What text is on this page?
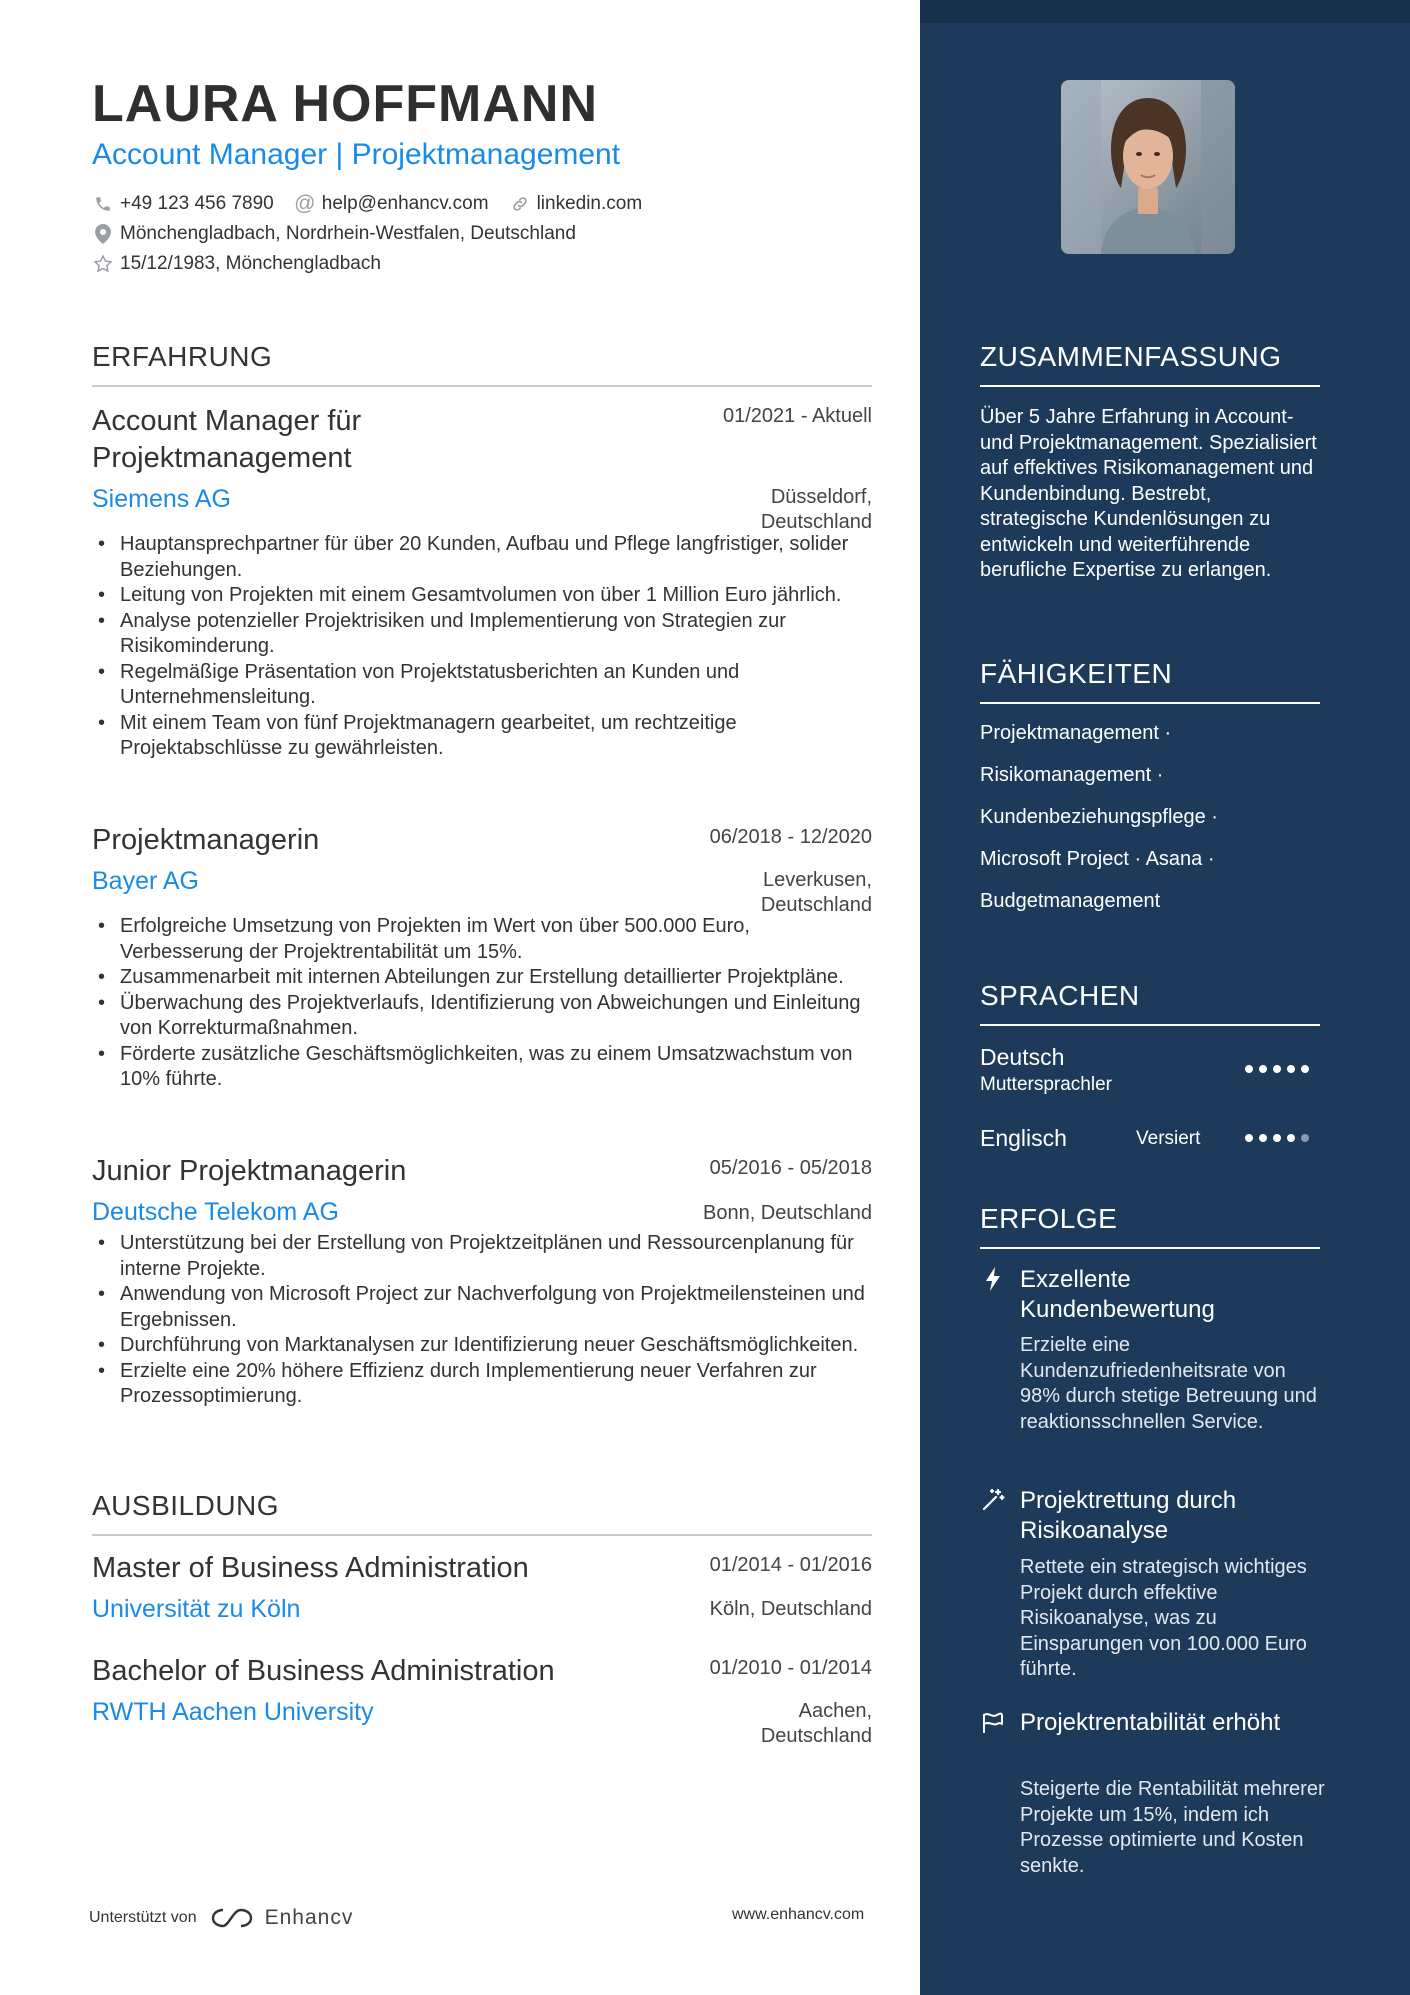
LAURA HOFFMANN
Account Manager | Projektmanagement
+49 123 456 7890 @ help@enhancv.com	linkedin.com
Mönchengladbach, Nordrhein-Westfalen, Deutschland
15/12/1983, Mönchengladbach
ERFAHRUNG
Account Manager für Projektmanagement
01/2021 - Aktuell
Siemens AG	Düsseldorf, Deutschland
• Hauptansprechpartner für über 20 Kunden, Aufbau und Pflege langfristiger, solider Beziehungen.
• Leitung von Projekten mit einem Gesamtvolumen von über 1 Million Euro jährlich.
• Analyse potenzieller Projektrisiken und Implementierung von Strategien zur Risikominderung.
• Regelmäßige Präsentation von Projektstatusberichten an Kunden und Unternehmensleitung.
• Mit einem Team von fünf Projektmanagern gearbeitet, um rechtzeitige Projektabschlüsse zu gewährleisten.
Projektmanagerin	06/2018 - 12/2020
Bayer AG	Leverkusen, Deutschland
• Erfolgreiche Umsetzung von Projekten im Wert von über 500.000 Euro, Verbesserung der Projektrentabilität um 15%.
• Zusammenarbeit mit internen Abteilungen zur Erstellung detaillierter Projektpläne.
• Überwachung des Projektverlaufs, Identifizierung von Abweichungen und Einleitung von Korrekturmaßnahmen.
• Förderte zusätzliche Geschäftsmöglichkeiten, was zu einem Umsatzwachstum von 10% führte.
Junior Projektmanagerin	05/2016 - 05/2018
Deutsche Telekom AG	Bonn, Deutschland
• Unterstützung bei der Erstellung von Projektzeitplänen und Ressourcenplanung für interne Projekte.
• Anwendung von Microsoft Project zur Nachverfolgung von Projektmeilensteinen und Ergebnissen.
• Durchführung von Marktanalysen zur Identifizierung neuer Geschäftsmöglichkeiten.
• Erzielte eine 20% höhere Effizienz durch Implementierung neuer Verfahren zur Prozessoptimierung.
AUSBILDUNG
Master of Business Administration	01/2014 - 01/2016
Universität zu Köln	Köln, Deutschland
Bachelor of Business Administration	01/2010 - 01/2014
RWTH Aachen University	Aachen, Deutschland
Unterstützt von	Enhancv	www.enhancv.com
ZUSAMMENFASSUNG
Über 5 Jahre Erfahrung in Account- und Projektmanagement. Spezialisiert auf effektives Risikomanagement und Kundenbindung. Bestrebt, strategische Kundenlösungen zu entwickeln und weiterführende berufliche Expertise zu erlangen.
FÄHIGKEITEN
Projektmanagement ·
Risikomanagement ·
Kundenbeziehungspflege ·
Microsoft Project · Asana ·
Budgetmanagement
SPRACHEN
Deutsch
Muttersprachler
Englisch	Versiert
ERFOLGE
Exzellente Kundenbewertung
Erzielte eine Kundenzufriedenheitsrate von 98% durch stetige Betreuung und reaktionsschnellen Service.
Projektrettung durch Risikoanalyse
Rettete ein strategisch wichtiges Projekt durch effektive Risikoanalyse, was zu Einsparungen von 100.000 Euro führte.
Projektrentabilität erhöht
Steigerte die Rentabilität mehrerer Projekte um 15%, indem ich Prozesse optimierte und Kosten senkte.
